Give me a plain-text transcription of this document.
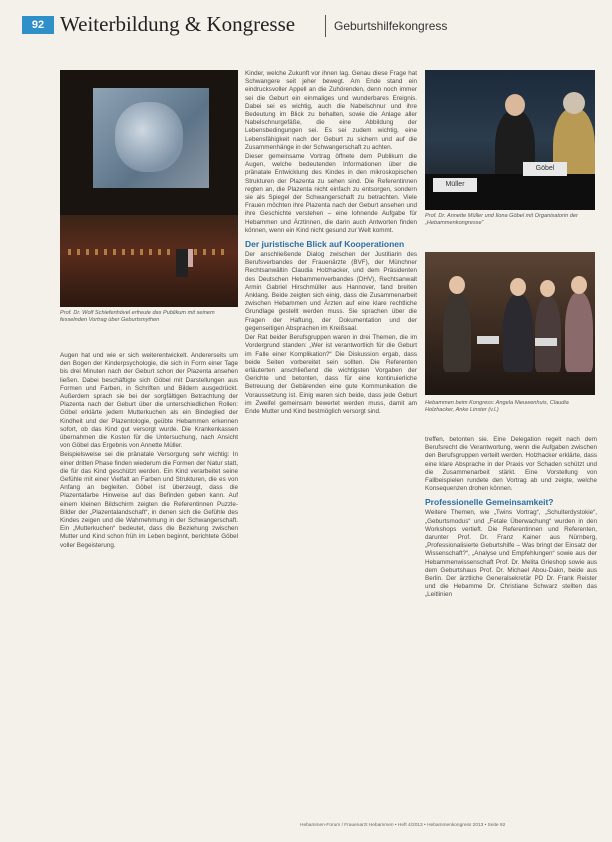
92 Weiterbildung & Kongresse	Geburtshilfekongress
Prof. Dr. Wolf Schiefenhövel erfreute das Publikum mit seinem fesselnden Vortrag über Geburtsmythen
Müller
Göbel
Prof. Dr. Annette Müller und Ilona Göbel mit Organisatorin der „Hebammenkongresse“
Hebammen beim Kongress: Angela Nieuwenhuis, Claudia Holzhacker, Anke Linster (v.l.)

Augen hat und wie er sich weiterentwickelt. Andererseits um den Bogen der Kinderpsychologie, die sich in Form einer Tage bis drei Minuten nach der Geburt schon der Plazenta ansehen ließen. Dabei beschäftigte sich Göbel mit Darstellungen aus Formen und Farben, in Schriften und Bildern ausgedrückt. Außerdem sprach sie bei der sorgfältigen Betrachtung der Plazenta nach der Geburt über die unterschiedlichen Rollen: Göbel erklärte jedem Mutterkuchen als ein Bindeglied der Kindheit und der Plazentologie, geübte Hebammen erkennen sofort, ob das Kind gut versorgt wurde. Die Krankenkassen übernahmen die Kosten für die Untersuchung, nach Ansicht von Göbel das Ergebnis von Annette Müller.

Beispielsweise sei die pränatale Versorgung sehr wichtig: In einer dritten Phase finden wiederum die Formen der Natur statt, die für das Kind geschützt werden. Ein Kind verarbeitet seine Gefühle mit einer Vielfalt an Farben und Strukturen, die es von Anfang an begleiten. Göbel ist überzeugt, dass die Plazentafarbe Hinweise auf das Befinden geben kann. Auf einem kleinen Bildschirm zeigten die Referentinnen Puzzle-Bilder der „Plazentalandschaft“, in denen sich die Gefühle des Kindes zeigen und die Wahrnehmung in der Schwangerschaft. Ein „Mutterkuchen“ bedeutet, dass die Beziehung zwischen Mutter und Kind schon früh im Leben beginnt, berichtete Göbel voller Begeisterung.

Kinder, welche Zukunft vor ihnen lag. Genau diese Frage hat Schwangere seit jeher bewegt. Am Ende stand ein eindrucksvoller Appell an die Zuhörenden, denn noch immer sei die Geburt ein einmaliges und wunderbares Ereignis. Dabei sei es wichtig, auch die Nabelschnur und ihre Bedeutung im Blick zu behalten, sowie die Anlage aller Nabelschnurgefäße, die eine Abbildung der Lebensbedingungen sei. Es sei zudem wichtig, eine Lebensfähigkeit nach der Geburt zu sichern und auf die Zusammenhänge in der Schwangerschaft zu achten.

Dieser gemeinsame Vortrag öffnete dem Publikum die Augen, welche bedeutenden Informationen über die pränatale Entwicklung des Kindes in den mikroskopischen Strukturen der Plazenta zu sehen sind. Die Referentinnen regten an, die Plazenta nicht einfach zu entsorgen, sondern sie als Spiegel der Schwangerschaft zu betrachten. Viele Frauen möchten ihre Plazenta nach der Geburt ansehen und ihre Geschichte verstehen – eine lohnende Aufgabe für Hebammen und Ärztinnen, die darin auch Antworten finden können, wenn ein Kind nicht gesund zur Welt kommt.

Der juristische Blick auf Kooperationen

Der anschließende Dialog zwischen der Justitiarin des Berufsverbandes der Frauenärzte (BVF), der Münchner Rechtsanwältin Claudia Holzhacker, und dem Präsidenten des Deutschen Hebammenverbandes (DHV), Rechtsanwalt Armin Gabriel Hirschmüller aus Hannover, fand breiten Anklang. Beide zeigten sich einig, dass die Zusammenarbeit zwischen Hebammen und Ärzten auf eine klare rechtliche Grundlage gestellt werden muss. Sie sprachen über die Fragen der Haftung, der Dokumentation und der gegenseitigen Absprachen im Kreißsaal.

Der Rat beider Berufsgruppen waren in drei Themen, die im Vordergrund standen: „Wer ist verantwortlich für die Geburt im Falle einer Komplikation?“ Die Diskussion ergab, dass beide Seiten vorbereitet sein sollten. Die Referenten erläuterten anschließend die wichtigsten Vorgaben der Gerichte und betonten, dass für eine kontinuierliche Betreuung der Gebärenden eine gute Kommunikation die Voraussetzung ist. Einig waren sich beide, dass jede Geburt im Zweifel gemeinsam bewertet werden muss, damit am Ende Mutter und Kind bestmöglich versorgt sind.

treffen, betonten sie. Eine Delegation regelt nach dem Berufsrecht die Verantwortung, wenn die Aufgaben zwischen den Berufsgruppen verteilt werden. Holzhacker erklärte, dass eine klare Absprache in der Praxis vor Schaden schützt und die Zusammenarbeit stärkt. Eine Vorstellung von Fallbeispielen rundete den Vortrag ab und zeigte, welche Konsequenzen drohen können.

Professionelle Gemeinsamkeit?

Weitere Themen, wie „Twins Vortrag“, „Schulterdystokie“, „Geburtsmodus“ und „Fetale Überwachung“ wurden in den Workshops vertieft. Die Referentinnen und Referenten, darunter Prof. Dr. Franz Kainer aus Nürnberg, „Professionalisierte Geburtshilfe – Was bringt der Einsatz der Wissenschaft?“, „Analyse und Empfehlungen“ sowie aus der Hebammenwissenschaft Prof. Dr. Melita Grieshop sowie aus dem Geburtshaus Prof. Dr. Michael Abou-Dakn, beide aus Berlin. Der ärztliche Generalsekretär PD Dr. Frank Reister und die Hebamme Dr. Christiane Schwarz stellten das „Leitlinien

Hebammen-Forum / Frauenarzt Hebammen • Heft 4/2013 • Hebammenkongress 2013 • Seite 92
